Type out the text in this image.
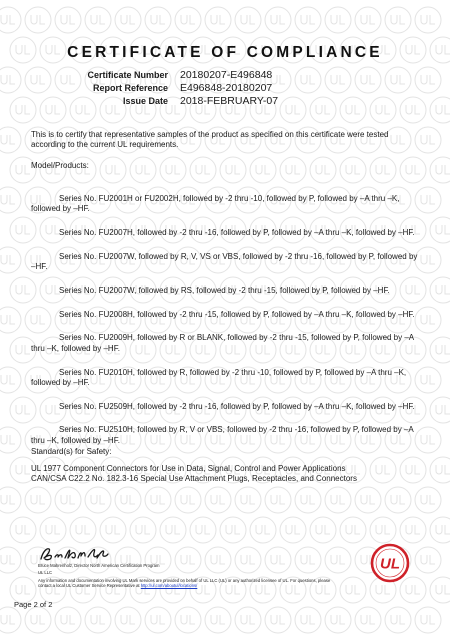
CERTIFICATE OF COMPLIANCE
Certificate Number 20180207-E496848
Report Reference E496848-20180207
Issue Date 2018-FEBRUARY-07

This is to certify that representative samples of the product as specified on this certificate were tested according to the current UL requirements.

Model/Products:

Series No. FU2001H or FU2002H, followed by -2 thru -10, followed by P, followed by –A thru –K, followed by –HF.
Series No. FU2007H, followed by -2 thru -16, followed by P, followed by –A thru –K, followed by –HF.
Series No. FU2007W, followed by R, V, VS or VBS, followed by -2 thru -16, followed by P, followed by –HF.
Series No. FU2007W, followed by RS, followed by -2 thru -15, followed by P, followed by –HF.
Series No. FU2008H, followed by -2 thru -15, followed by P, followed by –A thru –K, followed by –HF.
Series No. FU2009H, followed by R or BLANK, followed by -2 thru -15, followed by P, followed by –A thru –K, followed by –HF.
Series No. FU2010H, followed by R, followed by -2 thru -10, followed by P, followed by –A thru –K, followed by –HF.
Series No. FU2509H, followed by -2 thru -16, followed by P, followed by –A thru –K, followed by –HF.
Series No. FU2510H, followed by R, V or VBS, followed by -2 thru -16, followed by P, followed by –A thru –K, followed by –HF.
Standard(s) for Safety:
UL 1977 Component Connectors for Use in Data, Signal, Control and Power Applications
CAN/CSA C22.2 No. 182.3-16 Special Use Attachment Plugs, Receptacles, and Connectors
Bruce Mahrenholz, Director North American Certification Program
UL LLC
Any information and documentation involving UL Mark services are provided on behalf of UL LLC (UL) or any authorized licensee of UL. For questions, please
contact a local UL Customer Service Representative at http://ul.com/aboutul/locations/
UL
Page 2 of 2
